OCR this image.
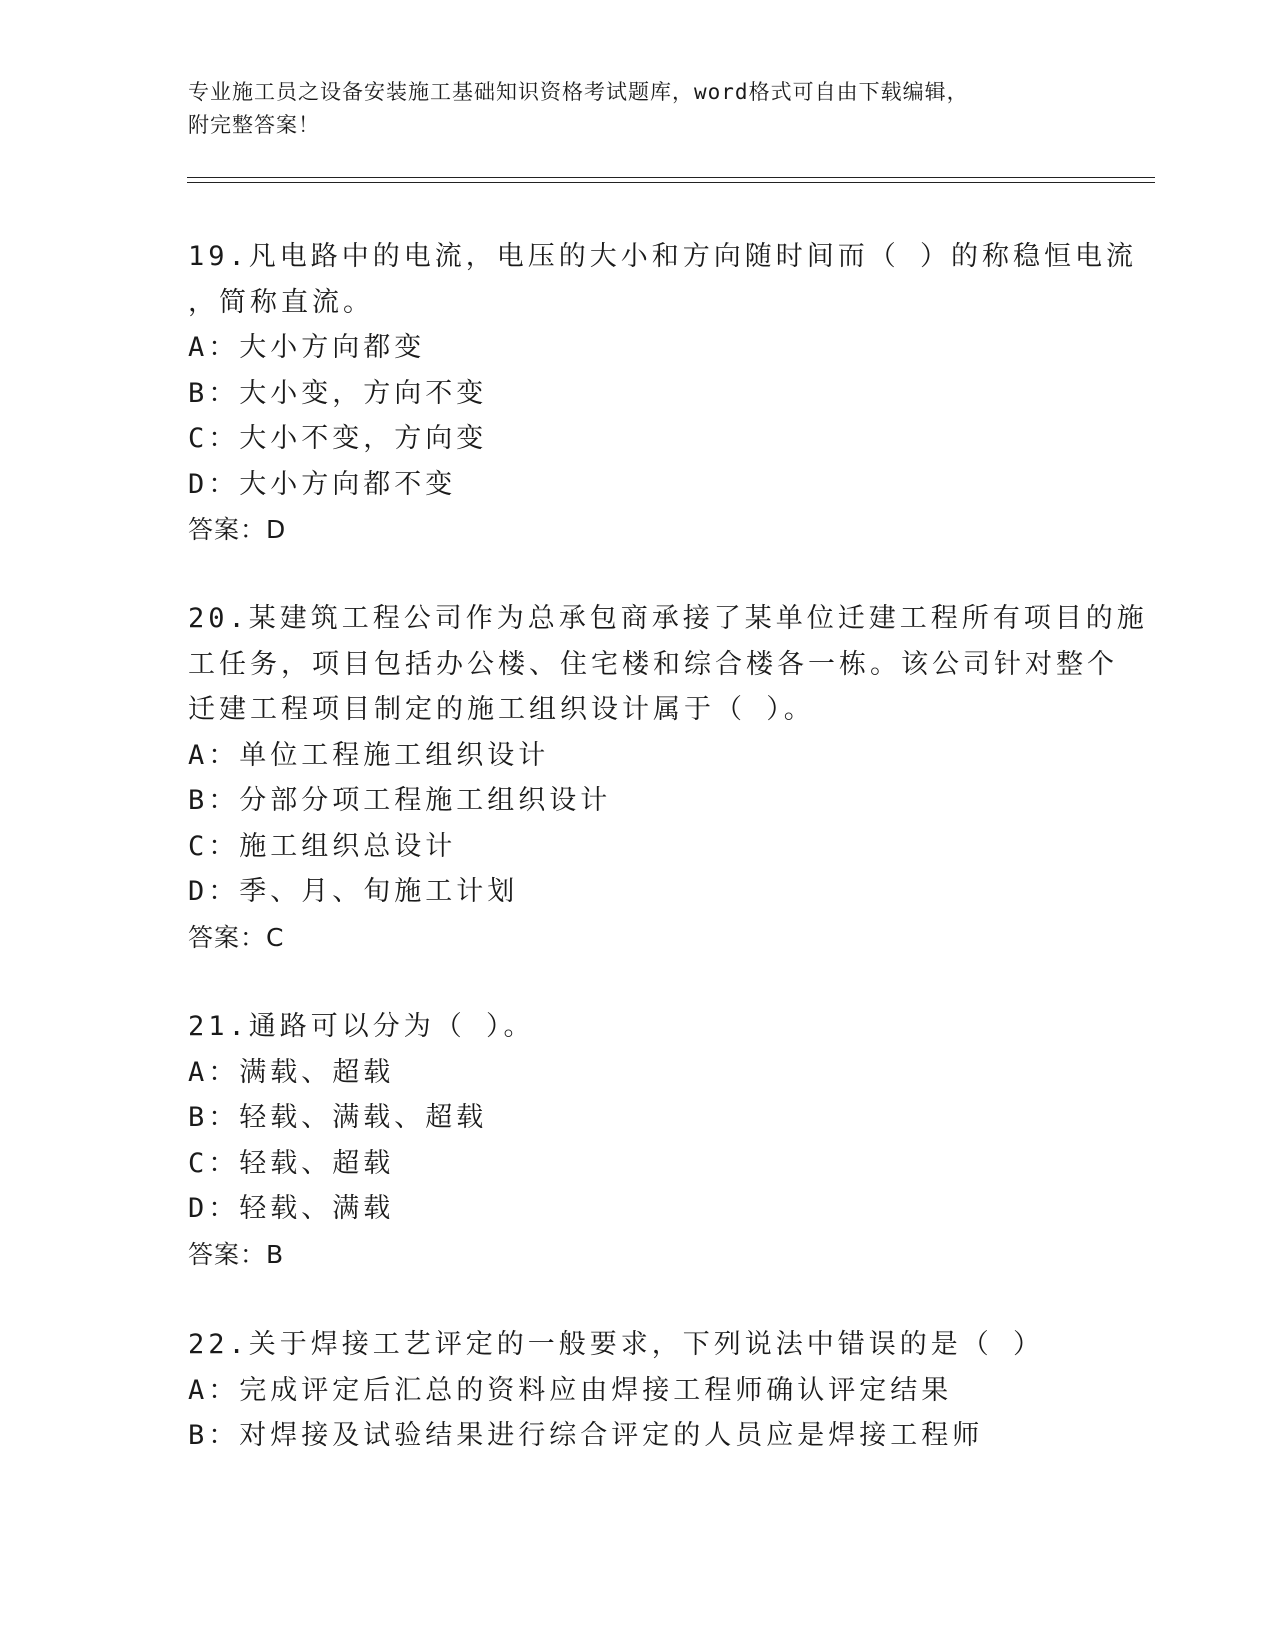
专业施工员之设备安装施工基础知识资格考试题库，word格式可自由下载编辑，
附完整答案！
19.凡电路中的电流，电压的大小和方向随时间而（ ）的称稳恒电流
，简称直流。
A：大小方向都变
B：大小变，方向不变
C：大小不变，方向变
D：大小方向都不变
答案：D
20.某建筑工程公司作为总承包商承接了某单位迁建工程所有项目的施
工任务，项目包括办公楼、住宅楼和综合楼各一栋。该公司针对整个
迁建工程项目制定的施工组织设计属于（ ）。
A：单位工程施工组织设计
B：分部分项工程施工组织设计
C：施工组织总设计
D：季、月、旬施工计划
答案：C
21.通路可以分为（ ）。
A：满载、超载
B：轻载、满载、超载
C：轻载、超载
D：轻载、满载
答案：B
22.关于焊接工艺评定的一般要求，下列说法中错误的是（ ）
A：完成评定后汇总的资料应由焊接工程师确认评定结果
B：对焊接及试验结果进行综合评定的人员应是焊接工程师
